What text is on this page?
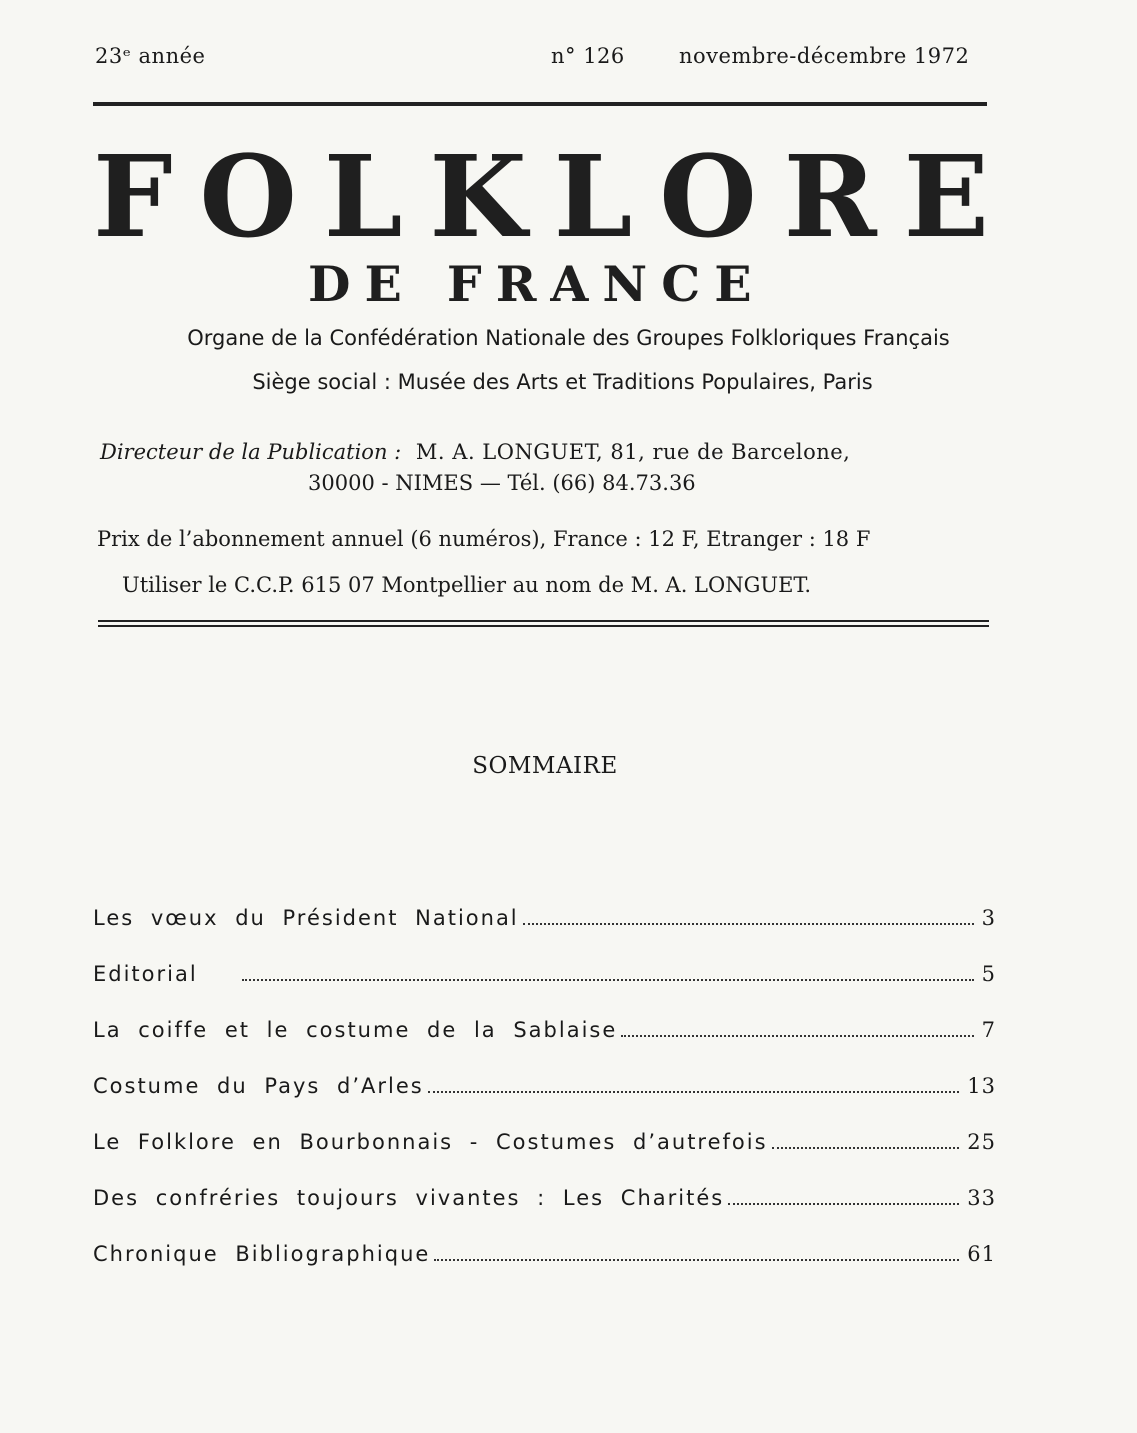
23ᵉ année	n° 126	novembre-décembre 1972
F O L K L O R E
DE FRANCE
Organe de la Confédération Nationale des Groupes Folkloriques Français
Siège social : Musée des Arts et Traditions Populaires, Paris
Directeur de la Publication : M. A. LONGUET, 81, rue de Barcelone,
30000 - NIMES — Tél. (66) 84.73.36
Prix de l’abonnement annuel (6 numéros), France : 12 F, Etranger : 18 F
Utiliser le C.C.P. 615 07 Montpellier au nom de M. A. LONGUET.
SOMMAIRE
Les vœux du Président National	3
Editorial	5
La coiffe et le costume de la Sablaise	7
Costume du Pays d’Arles	13
Le Folklore en Bourbonnais - Costumes d’autrefois	25
Des confréries toujours vivantes : Les Charités	33
Chronique Bibliographique	61
